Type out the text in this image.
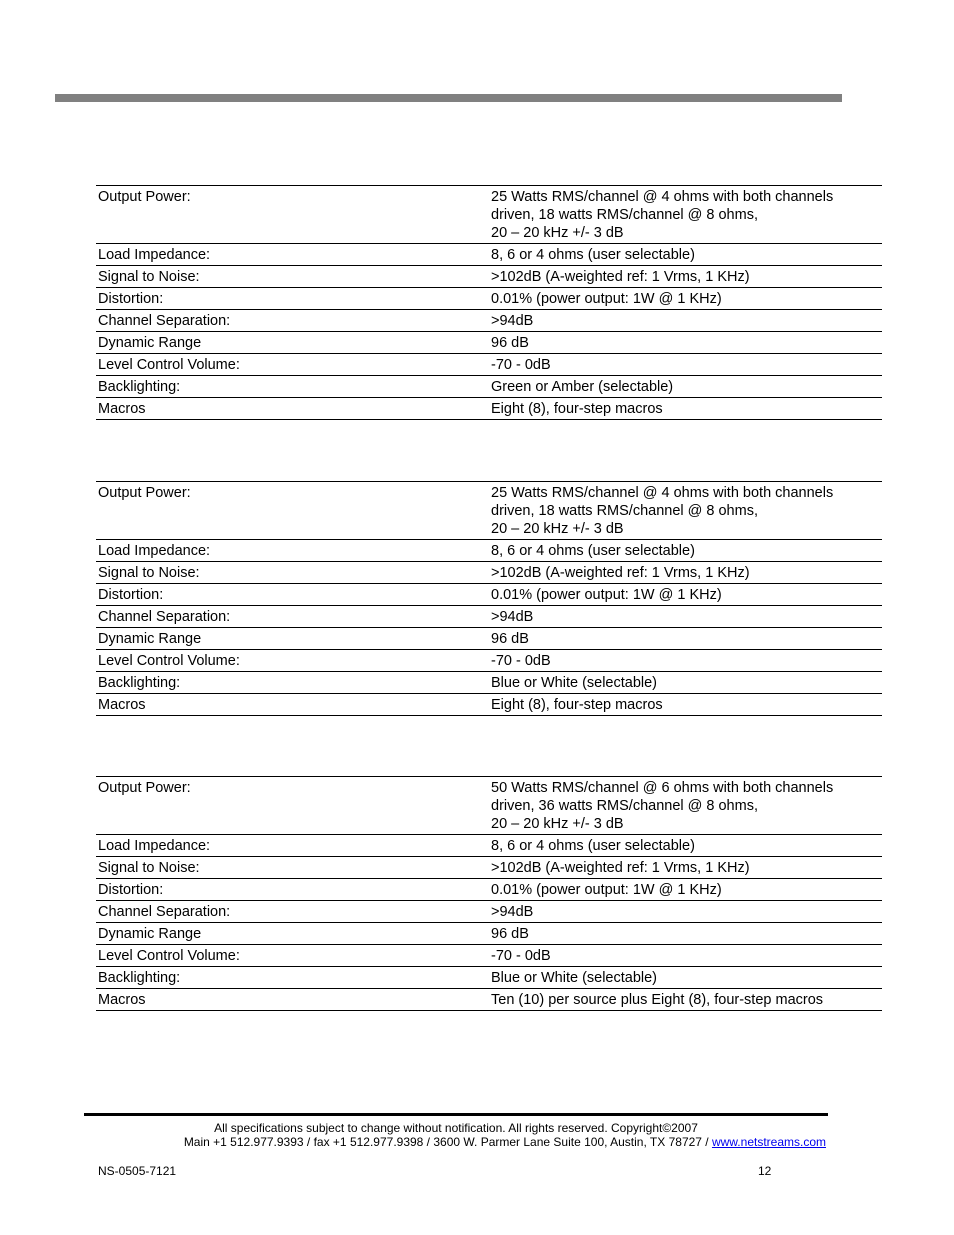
Output Power:	25 Watts RMS/channel @ 4 ohms with both channels
driven, 18 watts RMS/channel @ 8 ohms,
20 – 20 kHz +/- 3 dB
Load Impedance:	8, 6 or 4 ohms (user selectable)
Signal to Noise:	>102dB (A-weighted ref: 1 Vrms, 1 KHz)
Distortion:	0.01% (power output: 1W @ 1 KHz)
Channel Separation:	>94dB
Dynamic Range	96 dB
Level Control Volume:	-70 - 0dB
Backlighting:	Green or Amber (selectable)
Macros	Eight (8), four-step macros
Output Power:	25 Watts RMS/channel @ 4 ohms with both channels
driven, 18 watts RMS/channel @ 8 ohms,
20 – 20 kHz +/- 3 dB
Load Impedance:	8, 6 or 4 ohms (user selectable)
Signal to Noise:	>102dB (A-weighted ref: 1 Vrms, 1 KHz)
Distortion:	0.01% (power output: 1W @ 1 KHz)
Channel Separation:	>94dB
Dynamic Range	96 dB
Level Control Volume:	-70 - 0dB
Backlighting:	Blue or White (selectable)
Macros	Eight (8), four-step macros
Output Power:	50 Watts RMS/channel @ 6 ohms with both channels
driven, 36 watts RMS/channel @ 8 ohms,
20 – 20 kHz +/- 3 dB
Load Impedance:	8, 6 or 4 ohms (user selectable)
Signal to Noise:	>102dB (A-weighted ref: 1 Vrms, 1 KHz)
Distortion:	0.01% (power output: 1W @ 1 KHz)
Channel Separation:	>94dB
Dynamic Range	96 dB
Level Control Volume:	-70 - 0dB
Backlighting:	Blue or White (selectable)
Macros	Ten (10) per source plus Eight (8), four-step macros
All specifications subject to change without notification. All rights reserved. Copyright©2007
Main +1 512.977.9393 / fax +1 512.977.9398 / 3600 W. Parmer Lane Suite 100, Austin, TX 78727 / www.netstreams.com
NS-0505-7121	12
